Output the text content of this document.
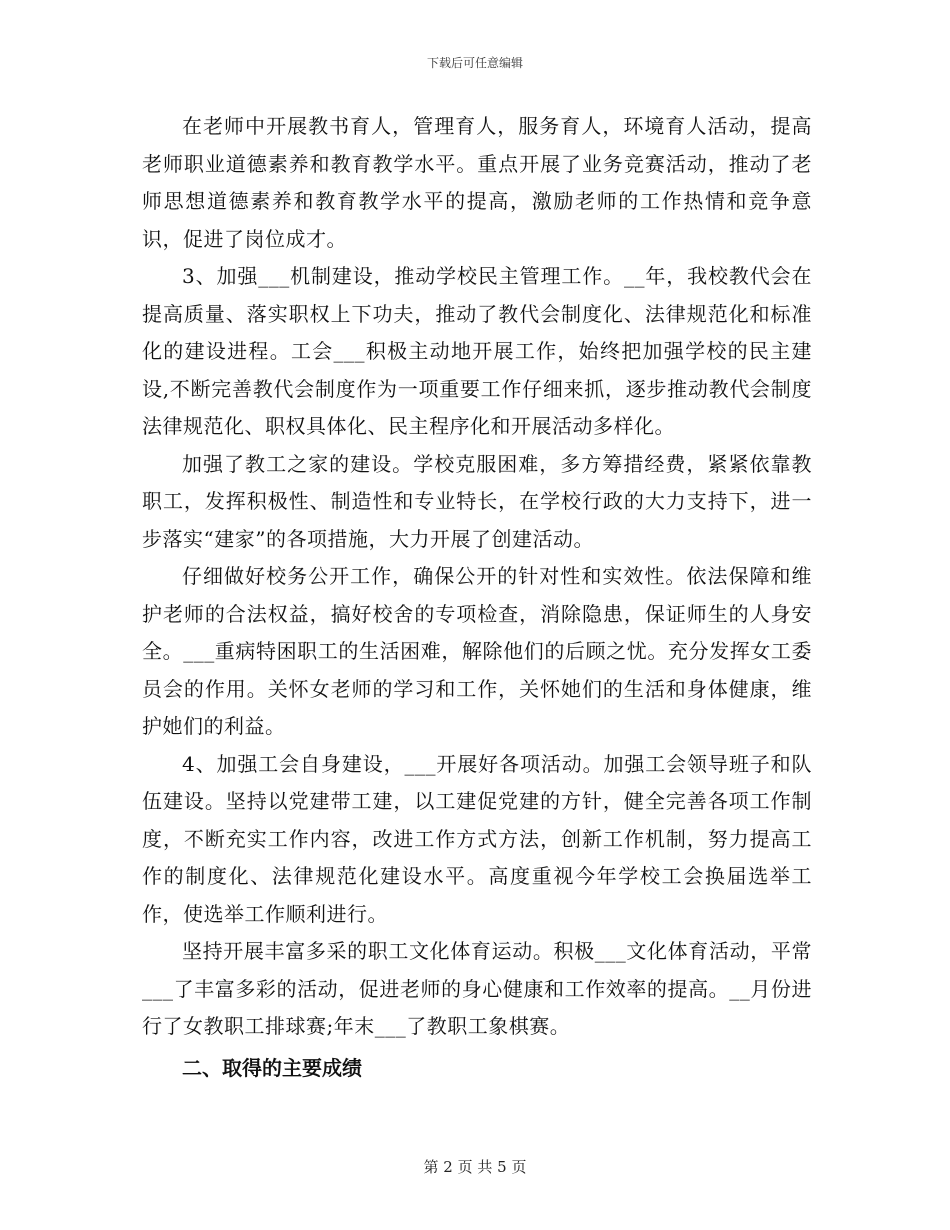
下载后可任意编辑

在老师中开展教书育人，管理育人，服务育人，环境育人活动，提高老师职业道德素养和教育教学水平。重点开展了业务竞赛活动，推动了老师思想道德素养和教育教学水平的提高，激励老师的工作热情和竞争意识，促进了岗位成才。

3、加强___机制建设，推动学校民主管理工作。__年，我校教代会在提高质量、落实职权上下功夫，推动了教代会制度化、法律规范化和标准化的建设进程。工会___积极主动地开展工作，始终把加强学校的民主建设,不断完善教代会制度作为一项重要工作仔细来抓，逐步推动教代会制度法律规范化、职权具体化、民主程序化和开展活动多样化。

加强了教工之家的建设。学校克服困难，多方筹措经费，紧紧依靠教职工，发挥积极性、制造性和专业特长，在学校行政的大力支持下，进一步落实“建家”的各项措施，大力开展了创建活动。

仔细做好校务公开工作，确保公开的针对性和实效性。依法保障和维护老师的合法权益，搞好校舍的专项检查，消除隐患，保证师生的人身安全。___重病特困职工的生活困难，解除他们的后顾之忧。充分发挥女工委员会的作用。关怀女老师的学习和工作，关怀她们的生活和身体健康，维护她们的利益。

4、加强工会自身建设，___开展好各项活动。加强工会领导班子和队伍建设。坚持以党建带工建，以工建促党建的方针，健全完善各项工作制度，不断充实工作内容，改进工作方式方法，创新工作机制，努力提高工作的制度化、法律规范化建设水平。高度重视今年学校工会换届选举工作，使选举工作顺利进行。

坚持开展丰富多采的职工文化体育运动。积极___文化体育活动，平常___了丰富多彩的活动，促进老师的身心健康和工作效率的提高。__月份进行了女教职工排球赛;年末___了教职工象棋赛。

二、取得的主要成绩

第 2 页 共 5 页
